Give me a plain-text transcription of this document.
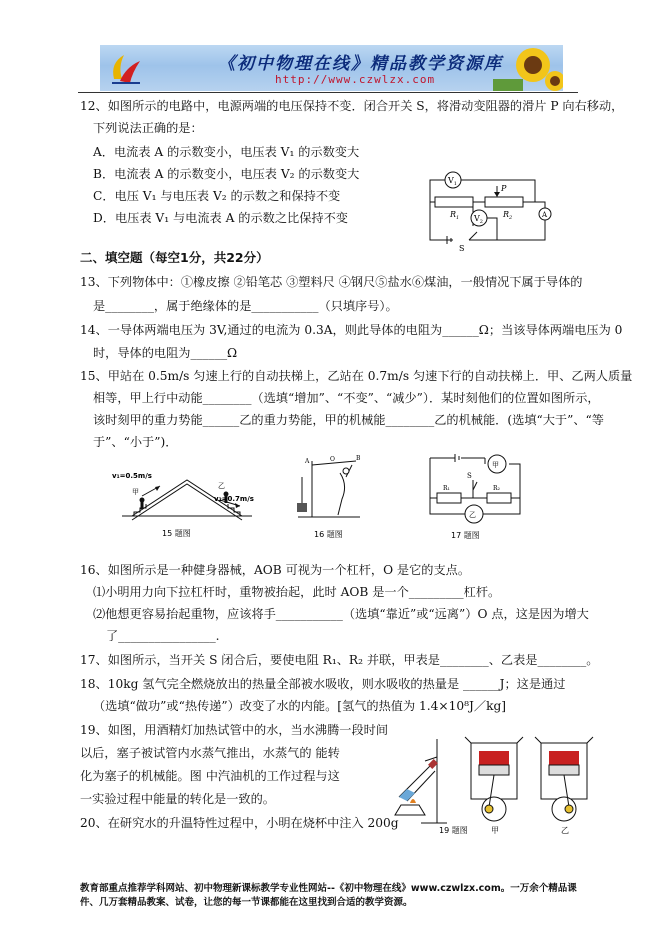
《初中物理在线》精品教学资源库
http://www.czwlzx.com
12、如图所示的电路中，电源两端的电压保持不变．闭合开关 S，将滑动变阻器的滑片 P 向右移动，
下列说法正确的是：
A．电流表 A 的示数变小，电压表 V₁ 的示数变大
B．电流表 A 的示数变小，电压表 V₂ 的示数变大
C．电压 V₁ 与电压表 V₂ 的示数之和保持不变
D．电压表 V₁ 与电流表 A 的示数之比保持不变
二、填空题（每空1分，共22分）
13、下列物体中：①橡皮擦 ②铅笔芯 ③塑料尺 ④钢尺⑤盐水⑥煤油，一般情况下属于导体的
是________，属于绝缘体的是___________（只填序号）。
14、一导体两端电压为 3V,通过的电流为 0.3A，则此导体的电阻为______Ω；当该导体两端电压为 0
时，导体的电阻为______Ω
15、甲站在 0.5m/s 匀速上行的自动扶梯上，乙站在 0.7m/s 匀速下行的自动扶梯上．甲、乙两人质量
相等，甲上行中动能________（选填“增加”、“不变”、“减少”）．某时刻他们的位置如图所示，
该时刻甲的重力势能______乙的重力势能，甲的机械能________乙的机械能．(选填“大于”、“等
于”、“小于”)．
16、如图所示是一种健身器械，AOB 可视为一个杠杆，O 是它的支点。
⑴小明用力向下拉杠杆时，重物被抬起，此时 AOB 是一个_________杠杆。
⑵他想更容易抬起重物，应该将手___________（选填“靠近”或“远离”）O 点，这是因为增大
了________________.
17、如图所示，当开关 S 闭合后，要使电阻 R₁、R₂ 并联，甲表是________、乙表是________。
18、10kg 氢气完全燃烧放出的热量全部被水吸收，则水吸收的热量是 ______J；这是通过
（选填“做功”或“热传递”）改变了水的内能。[氢气的热值为 1.4×10⁸J／kg]
19、如图，用酒精灯加热试管中的水，当水沸腾一段时间
以后，塞子被试管内水蒸气推出，水蒸气的 能转
化为塞子的机械能。图 中汽油机的工作过程与这
一实验过程中能量的转化是一致的。
20、在研究水的升温特性过程中，小明在烧杯中注入 200g
$V_1$
$V_2$
$R_1$	$R_2$
P
A
S
v₁=0.5m/s
v₂=0.7m/s
甲
乙
15 题图
A	B
O
16 题图
甲
乙
S
R₁	R₂
17 题图
19 题图	甲	乙
教育部重点推荐学科网站、初中物理新课标教学专业性网站--《初中物理在线》www.czwlzx.com。一万余个精品课
件、几万套精品教案、试卷，让您的每一节课都能在这里找到合适的教学资源。
